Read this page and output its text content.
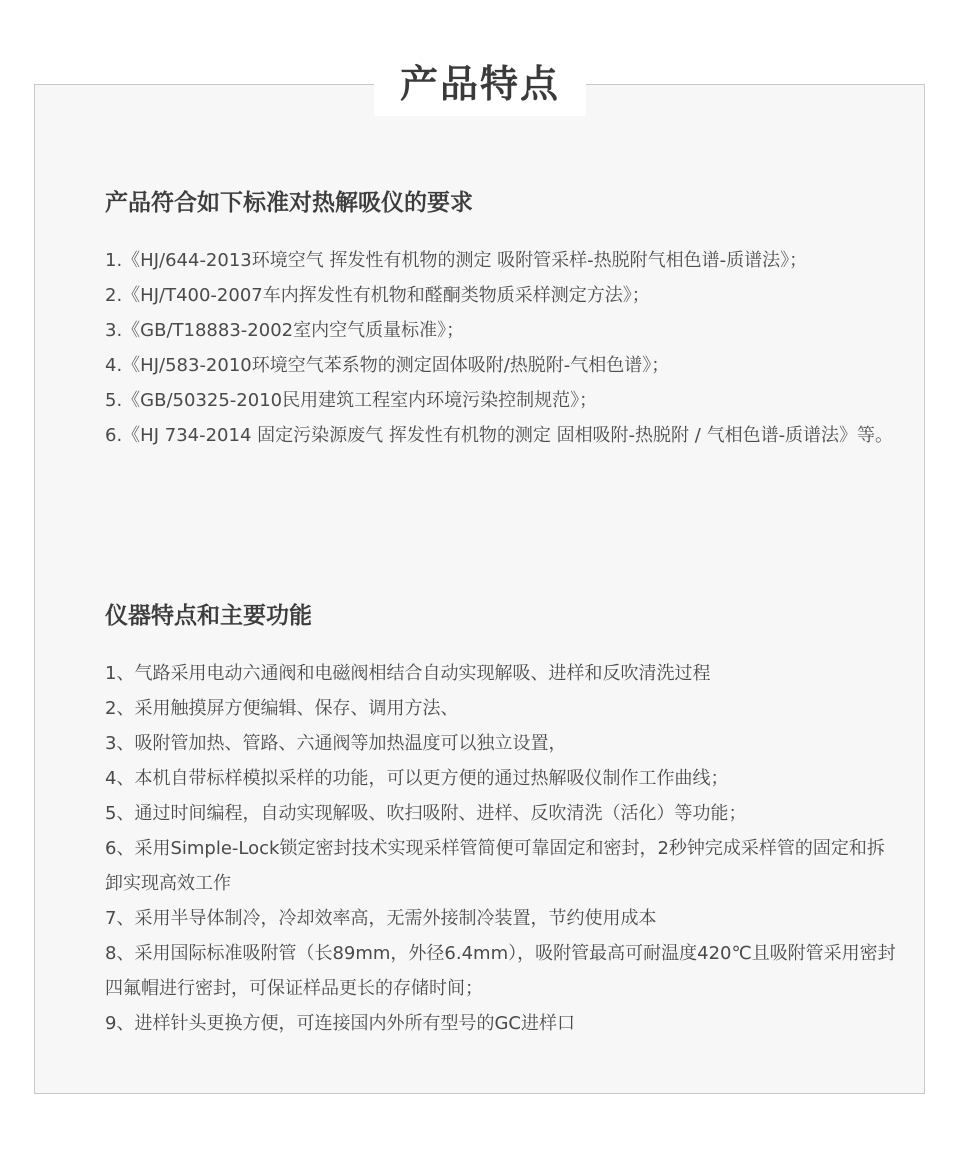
产品特点
产品符合如下标准对热解吸仪的要求
1.《HJ/644-2013环境空气 挥发性有机物的测定 吸附管采样-热脱附气相色谱-质谱法》；
2.《HJ/T400-2007车内挥发性有机物和醛酮类物质采样测定方法》；
3.《GB/T18883-2002室内空气质量标准》；
4.《HJ/583-2010环境空气苯系物的测定固体吸附/热脱附-气相色谱》；
5.《GB/50325-2010民用建筑工程室内环境污染控制规范》；
6.《HJ 734-2014 固定污染源废气 挥发性有机物的测定 固相吸附-热脱附 / 气相色谱-质谱法》等。
仪器特点和主要功能
1、气路采用电动六通阀和电磁阀相结合自动实现解吸、进样和反吹清洗过程
2、采用触摸屏方便编辑、保存、调用方法、
3、吸附管加热、管路、六通阀等加热温度可以独立设置，
4、本机自带标样模拟采样的功能，可以更方便的通过热解吸仪制作工作曲线；
5、通过时间编程，自动实现解吸、吹扫吸附、进样、反吹清洗（活化）等功能；
6、采用Simple-Lock锁定密封技术实现采样管简便可靠固定和密封，2秒钟完成采样管的固定和拆卸实现高效工作
7、采用半导体制冷，冷却效率高，无需外接制冷装置，节约使用成本
8、采用国际标准吸附管（长89mm，外径6.4mm），吸附管最高可耐温度420℃且吸附管采用密封四氟帽进行密封，可保证样品更长的存储时间；
9、进样针头更换方便，可连接国内外所有型号的GC进样口
